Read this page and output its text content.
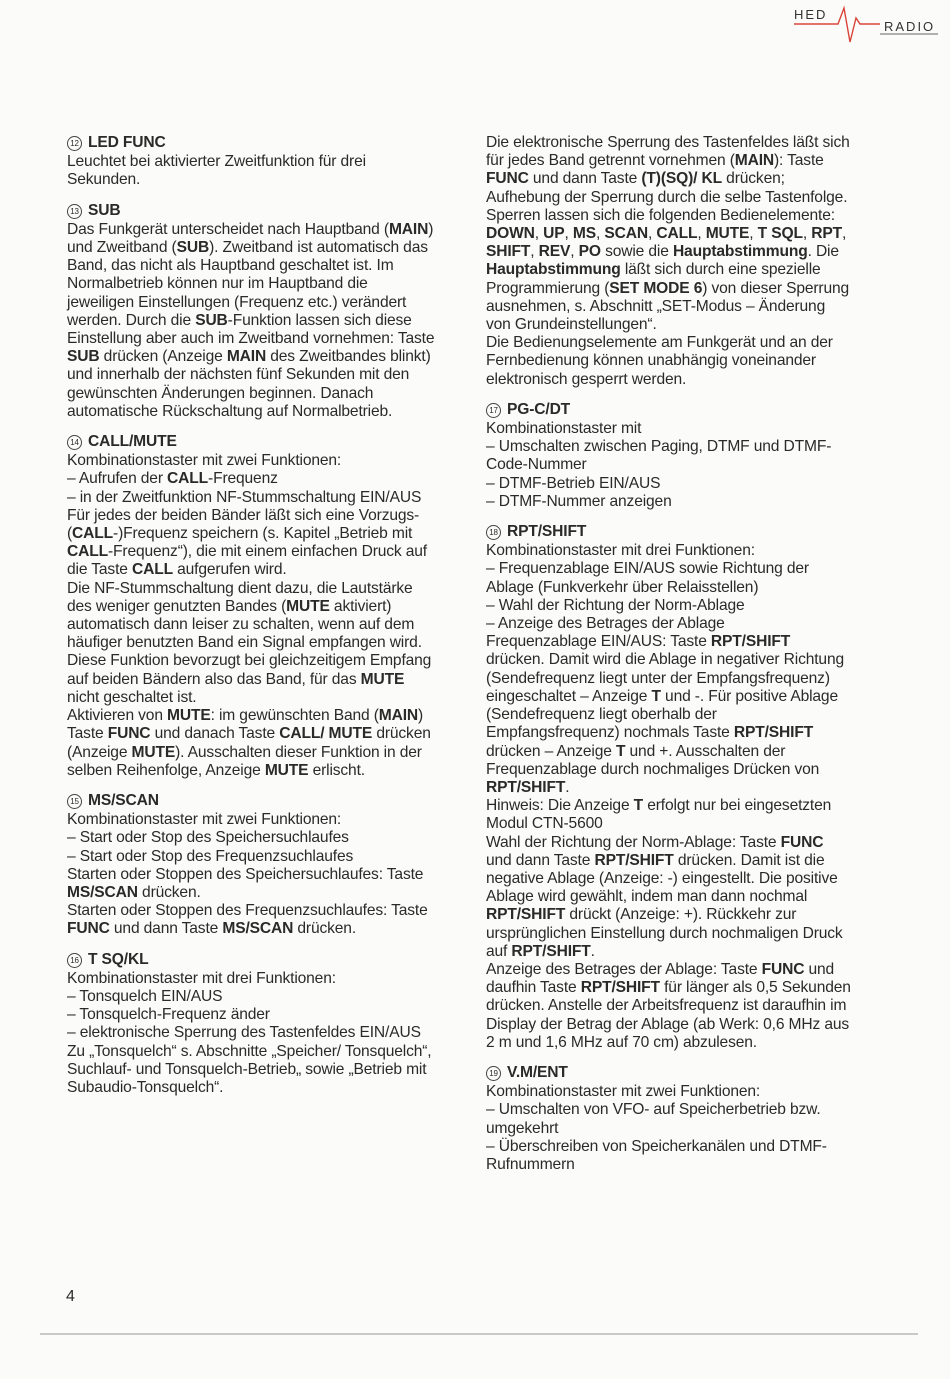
HED
RADIO
12 LED FUNC
Leuchtet bei aktivierter Zweitfunktion für drei Sekunden.
13 SUB
Das Funkgerät unterscheidet nach Hauptband (MAIN) und Zweitband (SUB). Zweitband ist automatisch das Band, das nicht als Hauptband geschaltet ist. Im Normalbetrieb können nur im Hauptband die jeweiligen Einstellungen (Frequenz etc.) verändert werden. Durch die SUB-Funktion lassen sich diese Einstellung aber auch im Zweitband vornehmen: Taste SUB drücken (Anzeige MAIN des Zweitbandes blinkt) und innerhalb der nächsten fünf Sekunden mit den gewünschten Änderungen beginnen. Danach automatische Rückschaltung auf Normalbetrieb.
14 CALL/MUTE
Kombinationstaster mit zwei Funktionen:
– Aufrufen der CALL-Frequenz
– in der Zweitfunktion NF-Stummschaltung EIN/AUS
Für jedes der beiden Bänder läßt sich eine Vorzugs-(CALL-)Frequenz speichern (s. Kapitel „Betrieb mit CALL-Frequenz“), die mit einem einfachen Druck auf die Taste CALL aufgerufen wird.
Die NF-Stummschaltung dient dazu, die Lautstärke des weniger genutzten Bandes (MUTE aktiviert) automatisch dann leiser zu schalten, wenn auf dem häufiger benutzten Band ein Signal empfangen wird. Diese Funktion bevorzugt bei gleichzeitigem Empfang auf beiden Bändern also das Band, für das MUTE nicht geschaltet ist.
Aktivieren von MUTE: im gewünschten Band (MAIN) Taste FUNC und danach Taste CALL/ MUTE drücken (Anzeige MUTE). Ausschalten dieser Funktion in der selben Reihenfolge, Anzeige MUTE erlischt.
15 MS/SCAN
Kombinationstaster mit zwei Funktionen:
– Start oder Stop des Speichersuchlaufes
– Start oder Stop des Frequenzsuchlaufes
Starten oder Stoppen des Speichersuchlaufes: Taste MS/SCAN drücken.
Starten oder Stoppen des Frequenzsuchlaufes: Taste FUNC und dann Taste MS/SCAN drücken.
16 T SQ/KL
Kombinationstaster mit drei Funktionen:
– Tonsquelch EIN/AUS
– Tonsquelch-Frequenz änder
– elektronische Sperrung des Tastenfeldes EIN/AUS
Zu „Tonsquelch“ s. Abschnitte „Speicher/ Tonsquelch“, Suchlauf- und Tonsquelch-Betrieb„ sowie „Betrieb mit Subaudio-Tonsquelch“.
Die elektronische Sperrung des Tastenfeldes läßt sich für jedes Band getrennt vornehmen (MAIN): Taste FUNC und dann Taste (T)(SQ)/ KL drücken; Aufhebung der Sperrung durch die selbe Tastenfolge. Sperren lassen sich die folgenden Bedienelemente: DOWN, UP, MS, SCAN, CALL, MUTE, T SQL, RPT, SHIFT, REV, PO sowie die Hauptabstimmung. Die Hauptabstimmung läßt sich durch eine spezielle Programmierung (SET MODE 6) von dieser Sperrung ausnehmen, s. Abschnitt „SET-Modus – Änderung von Grundeinstellungen“.
Die Bedienungselemente am Funkgerät und an der Fernbedienung können unabhängig voneinander elektronisch gesperrt werden.
17 PG-C/DT
Kombinationstaster mit
– Umschalten zwischen Paging, DTMF und DTMF-Code-Nummer
– DTMF-Betrieb EIN/AUS
– DTMF-Nummer anzeigen
18 RPT/SHIFT
Kombinationstaster mit drei Funktionen:
– Frequenzablage EIN/AUS sowie Richtung der Ablage (Funkverkehr über Relaisstellen)
– Wahl der Richtung der Norm-Ablage
– Anzeige des Betrages der Ablage
Frequenzablage EIN/AUS: Taste RPT/SHIFT drücken. Damit wird die Ablage in negativer Richtung (Sendefrequenz liegt unter der Empfangsfrequenz) eingeschaltet – Anzeige T und -. Für positive Ablage (Sendefrequenz liegt oberhalb der Empfangsfrequenz) nochmals Taste RPT/SHIFT drücken – Anzeige T und +. Ausschalten der Frequenzablage durch nochmaliges Drücken von RPT/SHIFT.
Hinweis: Die Anzeige T erfolgt nur bei eingesetzten Modul CTN-5600
Wahl der Richtung der Norm-Ablage: Taste FUNC und dann Taste RPT/SHIFT drücken. Damit ist die negative Ablage (Anzeige: -) eingestellt. Die positive Ablage wird gewählt, indem man dann nochmal RPT/SHIFT drückt (Anzeige: +). Rückkehr zur ursprünglichen Einstellung durch nochmaligen Druck auf RPT/SHIFT.
Anzeige des Betrages der Ablage: Taste FUNC und daufhin Taste RPT/SHIFT für länger als 0,5 Sekunden drücken. Anstelle der Arbeitsfrequenz ist daraufhin im Display der Betrag der Ablage (ab Werk: 0,6 MHz aus 2 m und 1,6 MHz auf 70 cm) abzulesen.
19 V.M/ENT
Kombinationstaster mit zwei Funktionen:
– Umschalten von VFO- auf Speicherbetrieb bzw. umgekehrt
– Überschreiben von Speicherkanälen und DTMF-Rufnummern
4
